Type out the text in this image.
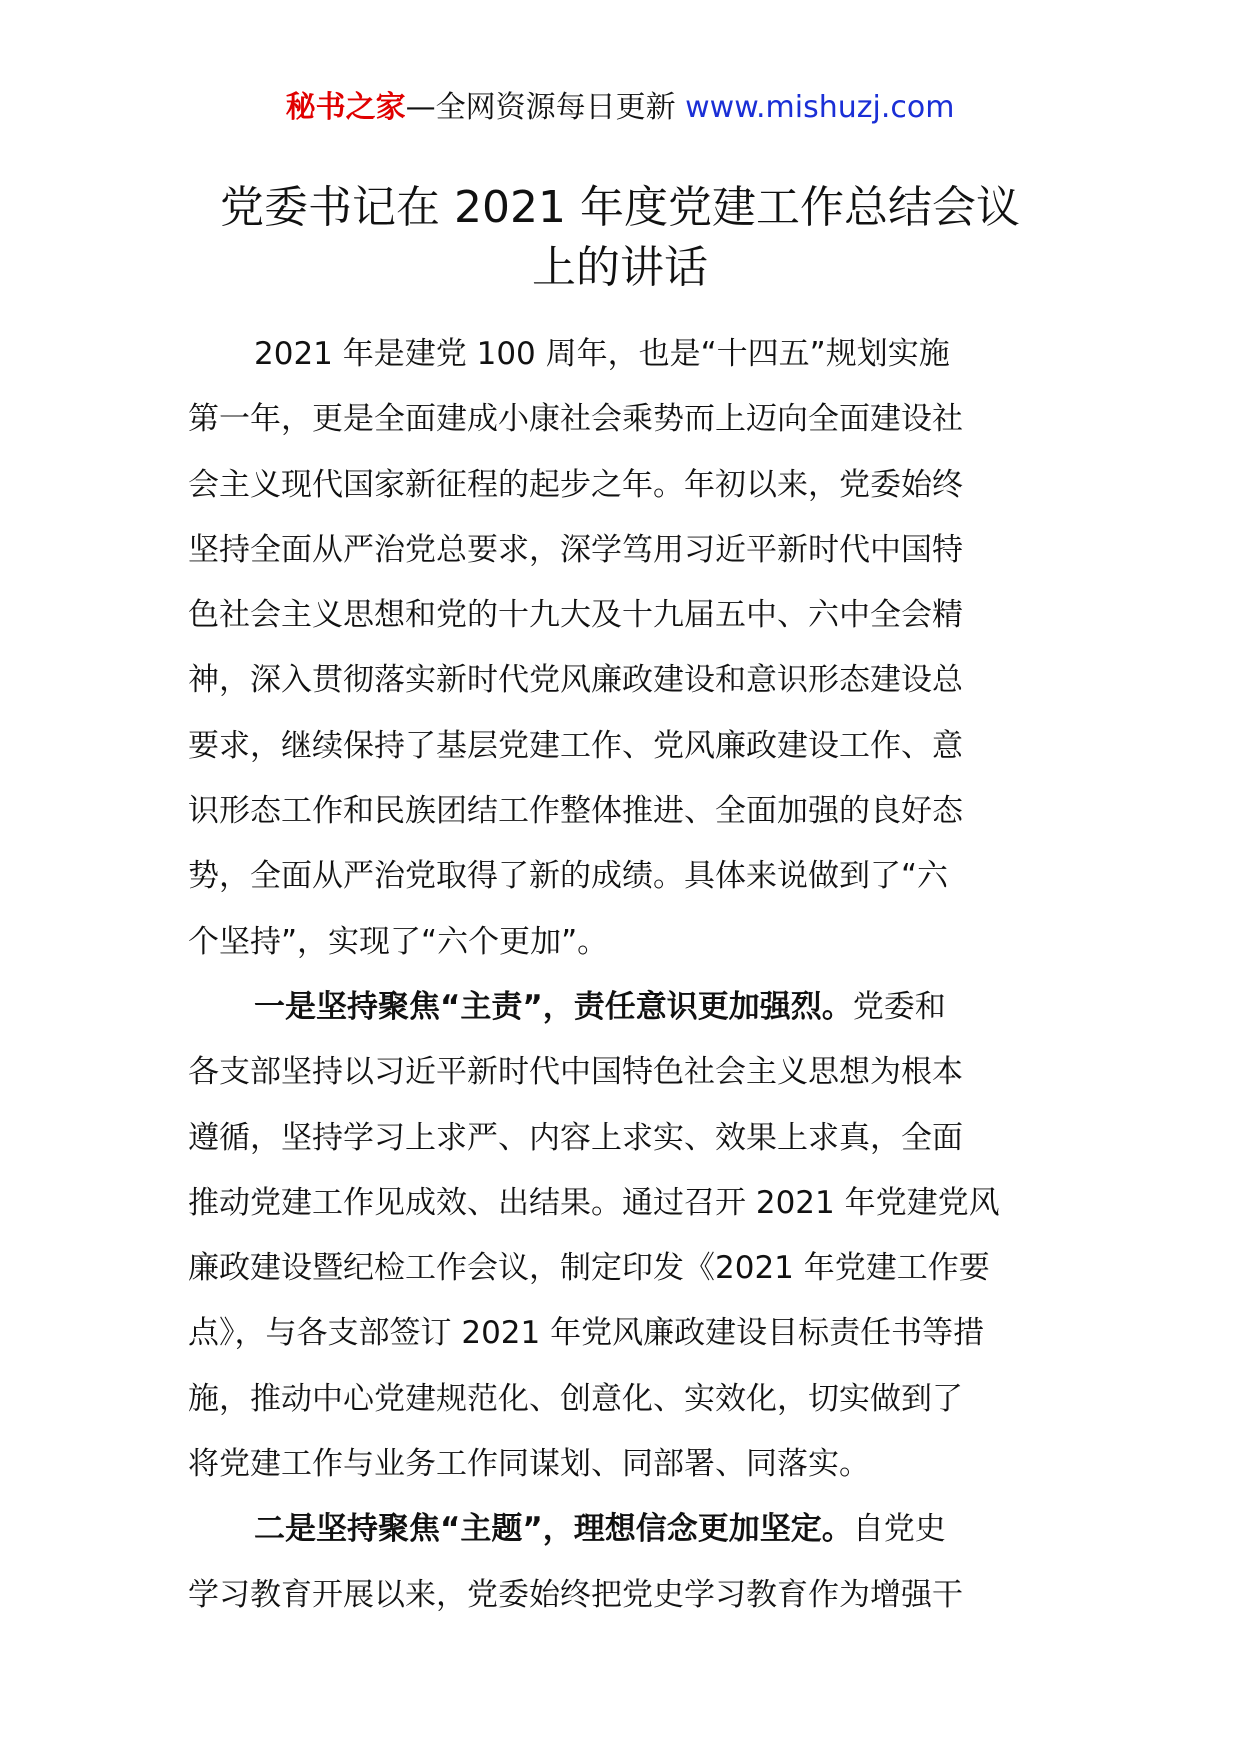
秘书之家—全网资源每日更新 www.mishuzj.com
党委书记在 2021 年度党建工作总结会议
上的讲话
2021 年是建党 100 周年，也是“十四五”规划实施
第一年，更是全面建成小康社会乘势而上迈向全面建设社
会主义现代国家新征程的起步之年。年初以来，党委始终
坚持全面从严治党总要求，深学笃用习近平新时代中国特
色社会主义思想和党的十九大及十九届五中、六中全会精
神，深入贯彻落实新时代党风廉政建设和意识形态建设总
要求，继续保持了基层党建工作、党风廉政建设工作、意
识形态工作和民族团结工作整体推进、全面加强的良好态
势，全面从严治党取得了新的成绩。具体来说做到了“六
个坚持”，实现了“六个更加”。
一是坚持聚焦“主责”，责任意识更加强烈。党委和
各支部坚持以习近平新时代中国特色社会主义思想为根本
遵循，坚持学习上求严、内容上求实、效果上求真，全面
推动党建工作见成效、出结果。通过召开 2021 年党建党风
廉政建设暨纪检工作会议，制定印发《2021 年党建工作要
点》，与各支部签订 2021 年党风廉政建设目标责任书等措
施，推动中心党建规范化、创意化、实效化，切实做到了
将党建工作与业务工作同谋划、同部署、同落实。
二是坚持聚焦“主题”，理想信念更加坚定。自党史
学习教育开展以来，党委始终把党史学习教育作为增强干
